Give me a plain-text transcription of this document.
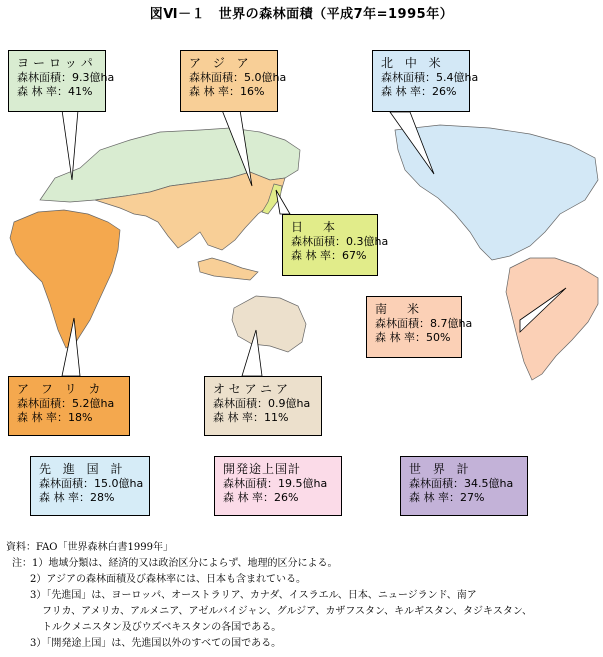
図Ⅵ－１　世界の森林面積（平成7年=1995年）
ヨーロッパ
森林面積：9.3億ha
森 林 率：41%
ア ジ ア
森林面積：5.0億ha
森 林 率：16%
北 中 米
森林面積：5.4億ha
森 林 率：26%
日　本
森林面積：0.3億ha
森 林 率：67%
南　米
森林面積：8.7億ha
森 林 率：50%
ア フ リ カ
森林面積：5.2億ha
森 林 率：18%
オセアニア
森林面積：0.9億ha
森 林 率：11%
先 進 国 計
森林面積：15.0億ha
森 林 率：28%
開発途上国計
森林面積：19.5億ha
森 林 率：26%
世 界 計
森林面積：34.5億ha
森 林 率：27%
資料：FAO「世界森林白書1999年」
注：1）地域分類は、経済的又は政治区分によらず、地理的区分による。
2）アジアの森林面積及び森林率には、日本も含まれている。
3）「先進国」は、ヨーロッパ、オーストラリア、カナダ、イスラエル、日本、ニュージランド、南ア
フリカ、アメリカ、アルメニア、アゼルバイジャン、グルジア、カザフスタン、キルギスタン、タジキスタン、
トルクメニスタン及びウズベキスタンの各国である。
3）「開発途上国」は、先進国以外のすべての国である。
